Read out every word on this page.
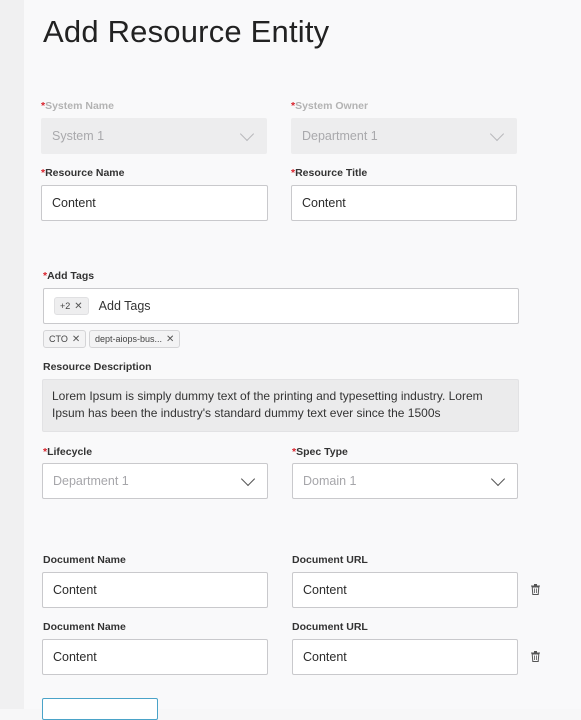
Add Resource Entity
*System Name
System 1
*System Owner
Department 1
*Resource Name
Content
*Resource Title
Content
*Add Tags
+2 ✕ Add Tags
CTO ✕ dept-aiops-bus... ✕
Resource Description
Lorem Ipsum is simply dummy text of the printing and typesetting industry. Lorem
Ipsum has been the industry's standard dummy text ever since the 1500s
*Lifecycle
Department 1
*Spec Type
Domain 1
Document Name
Content
Document URL
Content
Document Name
Content
Document URL
Content
